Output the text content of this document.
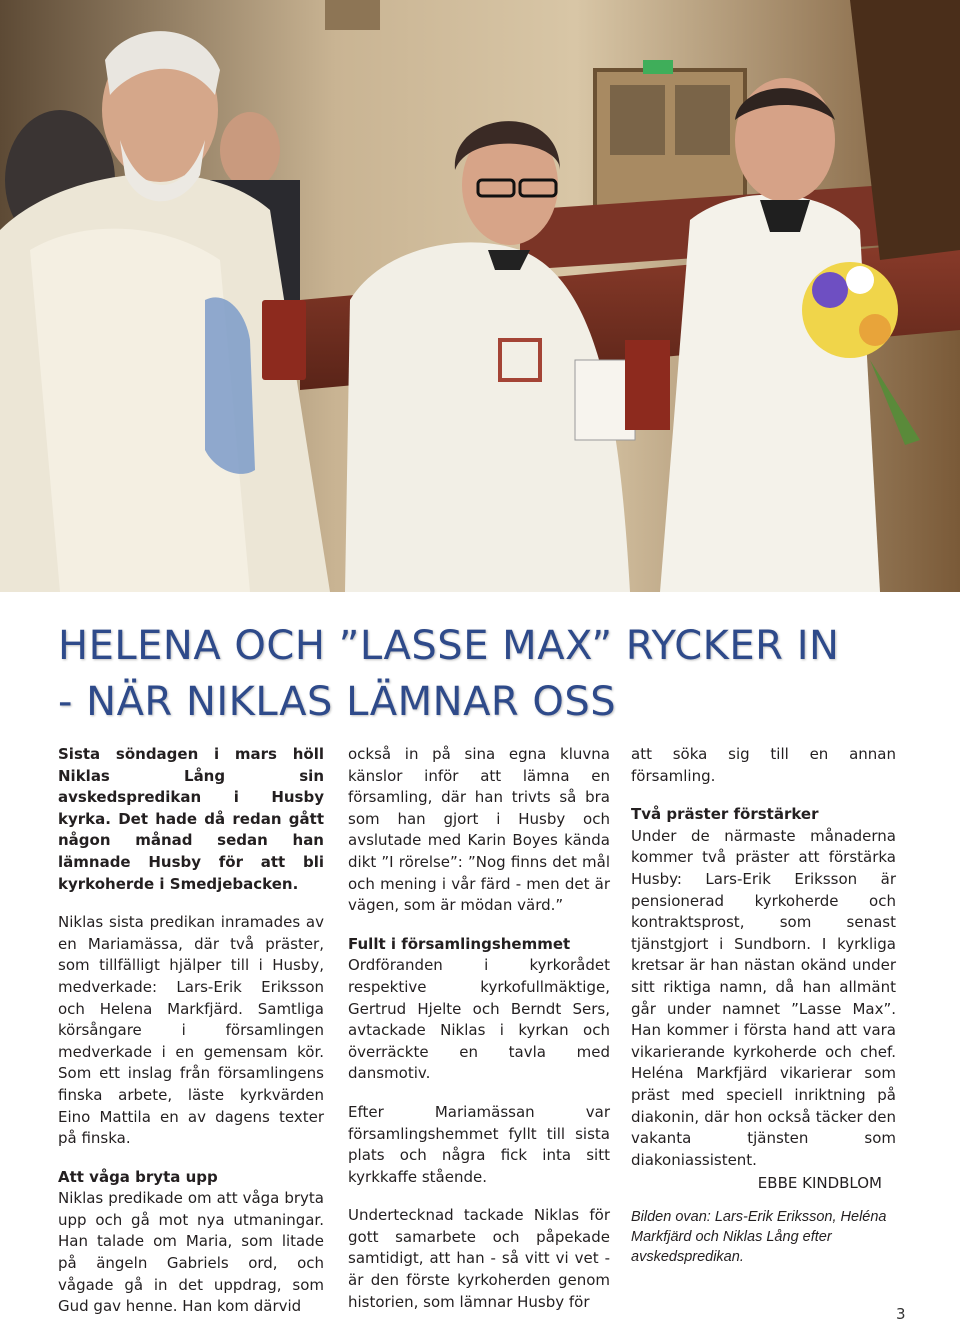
HELENA OCH ”LASSE MAX” RYCKER IN
- NÄR NIKLAS LÄMNAR OSS

Sista söndagen i mars höll Niklas Lång sin avskedspredikan i Husby kyrka. Det hade då redan gått någon månad sedan han lämnade Husby för att bli kyrkoherde i Smedjebacken.

Niklas sista predikan inramades av en Mariamässa, där två präster, som tillfälligt hjälper till i Husby, medverkade: Lars-Erik Eriksson och Helena Markfjärd. Samtliga körsångare i församlingen medverkade i en gemensam kör. Som ett inslag från församlingens finska arbete, läste kyrkvärden Eino Mattila en av dagens texter på finska.

Att våga bryta upp

Niklas predikade om att våga bryta upp och gå mot nya utmaningar. Han talade om Maria, som litade på ängeln Gabriels ord, och vågade gå in det uppdrag, som Gud gav henne. Han kom därvid

också in på sina egna kluvna känslor inför att lämna en församling, där han trivts så bra som han gjort i Husby och avslutade med Karin Boyes kända dikt ”I rörelse”: ”Nog finns det mål och mening i vår färd - men det är vägen, som är mödan värd.”

Fullt i församlingshemmet

Ordföranden i kyrkorådet respektive kyrkofullmäktige, Gertrud Hjelte och Berndt Sers, avtackade Niklas i kyrkan och överräckte en tavla med dansmotiv.

Efter Mariamässan var församlingshemmet fyllt till sista plats och några fick inta sitt kyrkkaffe stående.

Undertecknad tackade Niklas för gott samarbete och påpekade samtidigt, att han - så vitt vi vet - är den förste kyrkoherden genom historien, som lämnar Husby för

att söka sig till en annan församling.

Två präster förstärker

Under de närmaste månaderna kommer två präster att förstärka Husby: Lars-Erik Eriksson är pensionerad kyrkoherde och kontraktsprost, som senast tjänstgjort i Sundborn. I kyrkliga kretsar är han nästan okänd under sitt riktiga namn, då han allmänt går under namnet ”Lasse Max”. Han kommer i första hand att vara vikarierande kyrkoherde och chef. Heléna Markfjärd vikarierar som präst med speciell inriktning på diakonin, där hon också täcker den vakanta tjänsten som diakoniassistent.

EBBE KINDBLOM

Bilden ovan: Lars-Erik Eriksson, Heléna Markfjärd och Niklas Lång efter avskedspredikan.

3
